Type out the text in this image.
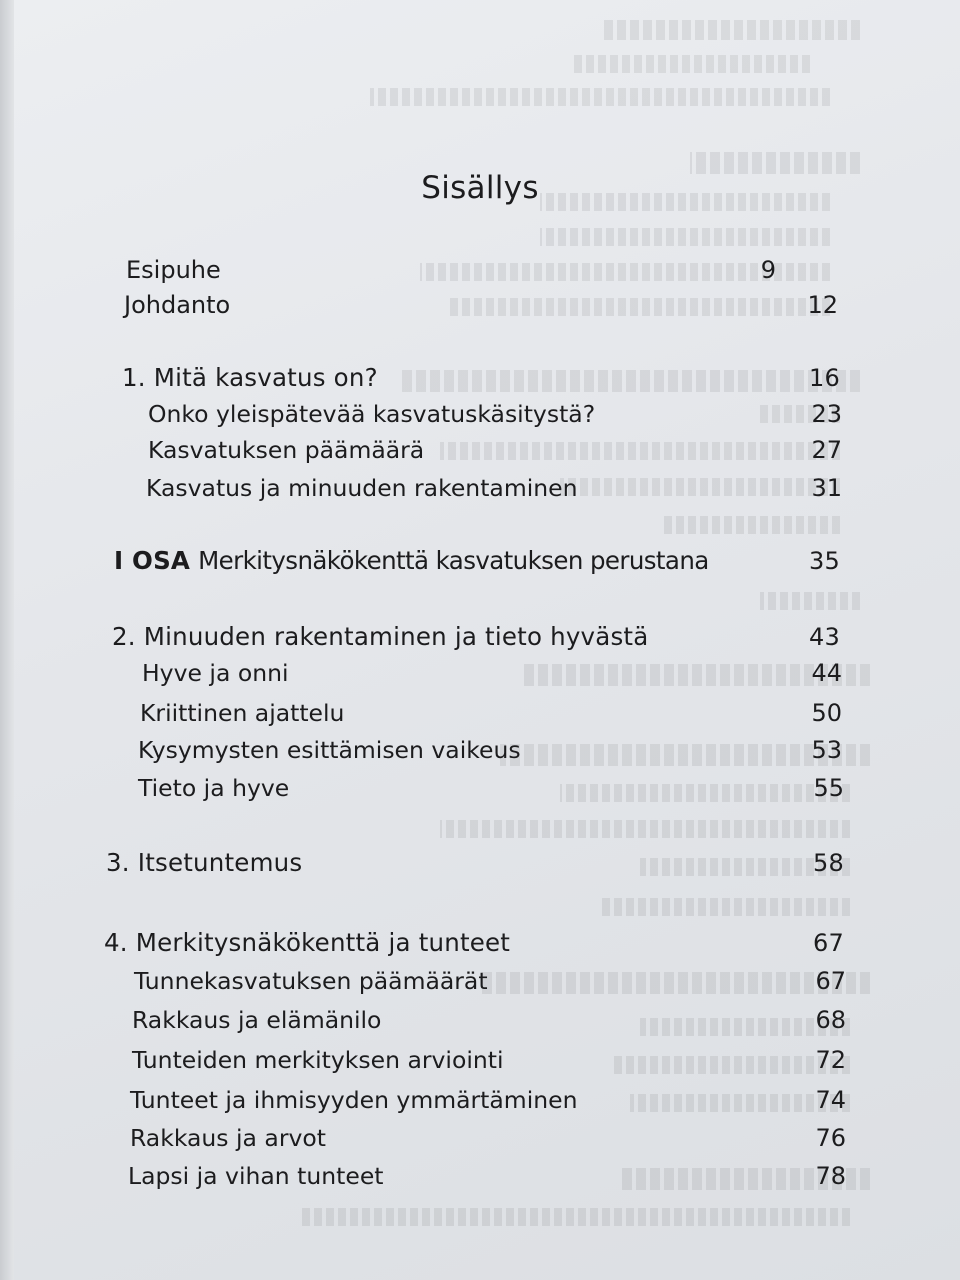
Sisällys
Esipuhe	9
Johdanto	12
1. Mitä kasvatus on?	16
Onko yleispätevää kasvatuskäsitystä?	23
Kasvatuksen päämäärä	27
Kasvatus ja minuuden rakentaminen	31
I OSA Merkitysnäkökenttä kasvatuksen perustana	35
2. Minuuden rakentaminen ja tieto hyvästä	43
Hyve ja onni	44
Kriittinen ajattelu	50
Kysymysten esittämisen vaikeus	53
Tieto ja hyve	55
3. Itsetuntemus	58
4. Merkitysnäkökenttä ja tunteet	67
Tunnekasvatuksen päämäärät	67
Rakkaus ja elämänilo	68
Tunteiden merkityksen arviointi	72
Tunteet ja ihmisyyden ymmärtäminen	74
Rakkaus ja arvot	76
Lapsi ja vihan tunteet	78
